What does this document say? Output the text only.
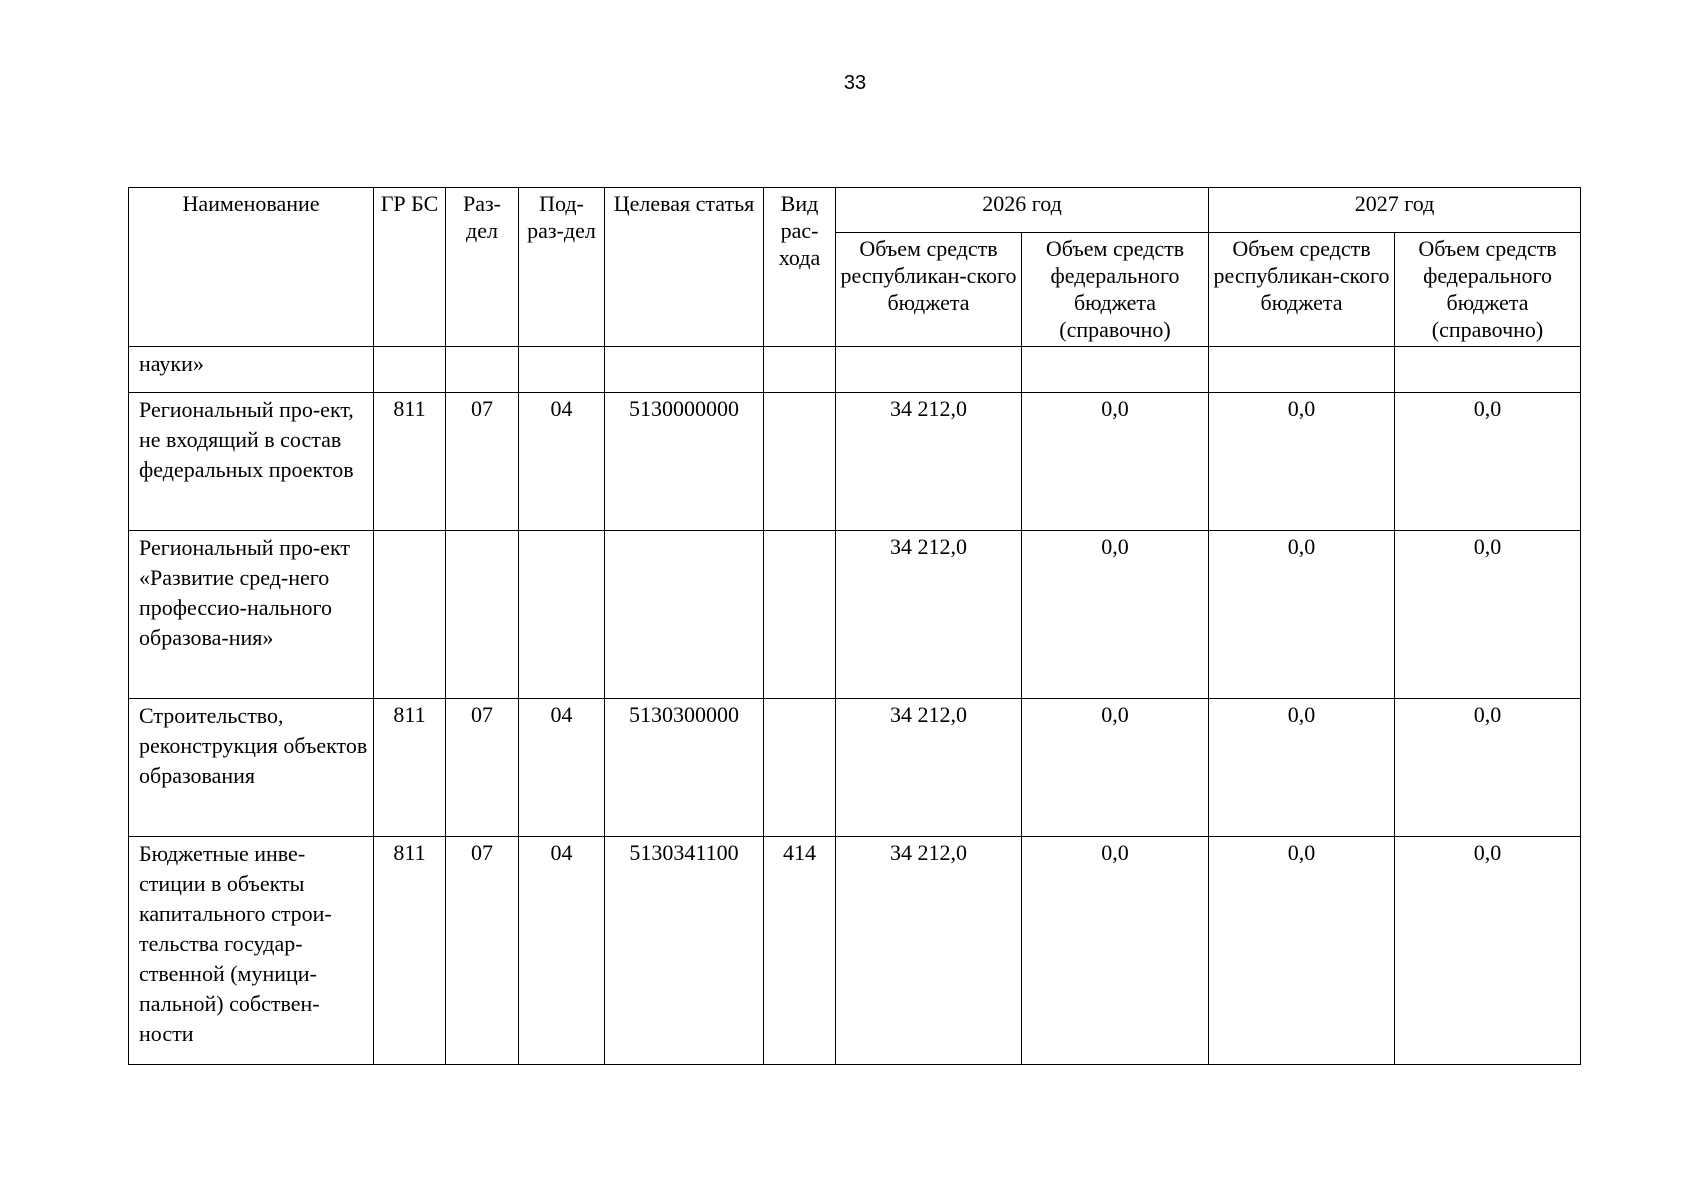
33
Наименование	ГР БС	Раз-дел	Под-раз-дел	Целевая статья	Вид рас-хода	2026 год		2027 год	
						Объем средств республикан-ского бюджета	Объем средств федерального бюджета (справочно)	Объем средств республикан-ского бюджета	Объем средств федерального бюджета (справочно)
науки»									
Региональный про-ект, не входящий в состав федеральных проектов	811	07	04	5130000000		34 212,0	0,0	0,0	0,0
Региональный про-ект «Развитие сред-него профессио-нального образова-ния»						34 212,0	0,0	0,0	0,0
Строительство, реконструкция объектов образования	811	07	04	5130300000		34 212,0	0,0	0,0	0,0
Бюджетные инве-стиции в объекты капитального строи-тельства государ-ственной (муници-пальной) собствен-ности	811	07	04	5130341100	414	34 212,0	0,0	0,0	0,0
